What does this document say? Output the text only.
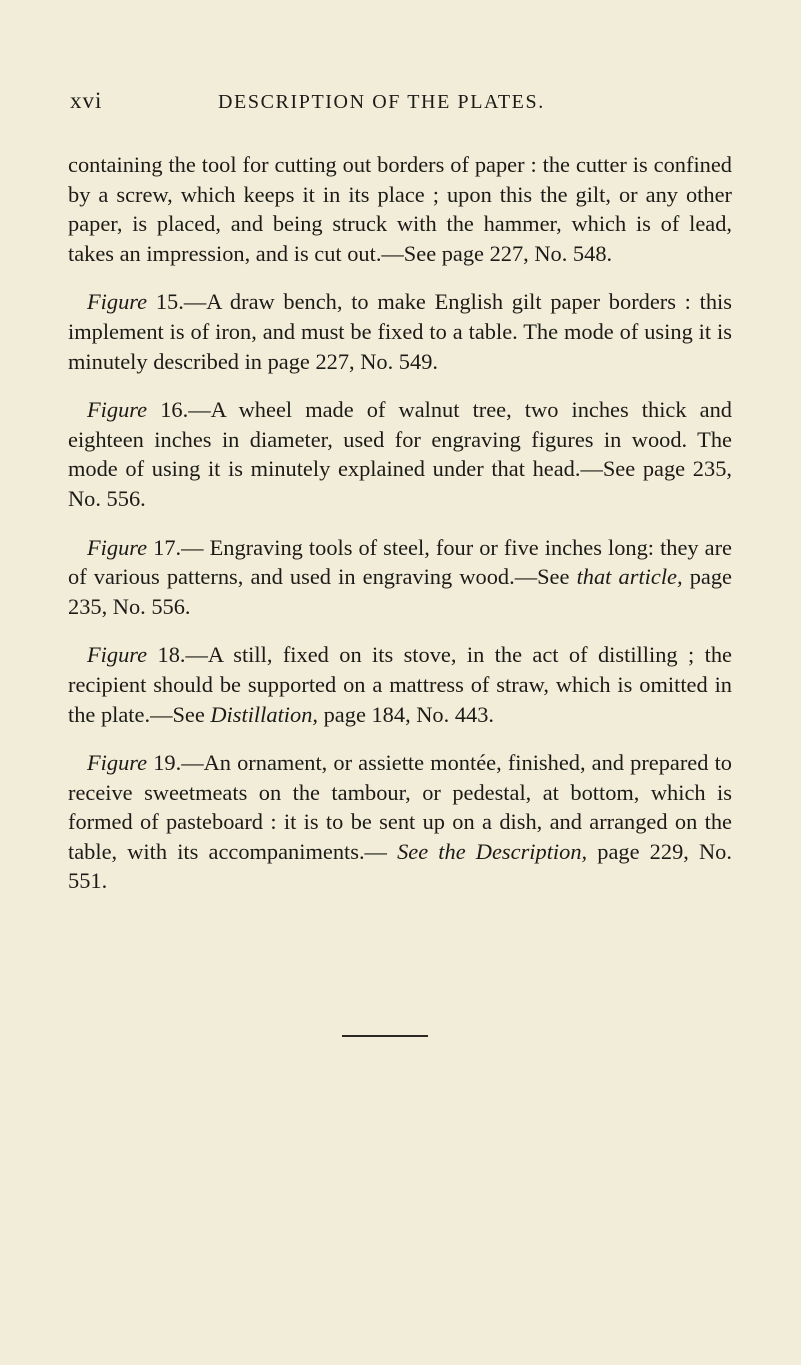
xvi	DESCRIPTION OF THE PLATES.

containing the tool for cutting out borders of paper : the cutter is confined by a screw, which keeps it in its place ; upon this the gilt, or any other paper, is placed, and being struck with the hammer, which is of lead, takes an impression, and is cut out.—See page 227, No. 548.

Figure 15.—A draw bench, to make English gilt paper borders : this implement is of iron, and must be fixed to a table. The mode of using it is minutely described in page 227, No. 549.

Figure 16.—A wheel made of walnut tree, two inches thick and eighteen inches in diameter, used for engraving figures in wood. The mode of using it is minutely explained under that head.—See page 235, No. 556.

Figure 17.— Engraving tools of steel, four or five inches long: they are of various patterns, and used in engraving wood.—See that article, page 235, No. 556.

Figure 18.—A still, fixed on its stove, in the act of distilling ; the recipient should be supported on a mattress of straw, which is omitted in the plate.—See Distillation, page 184, No. 443.

Figure 19.—An ornament, or assiette montée, finished, and prepared to receive sweetmeats on the tambour, or pedestal, at bottom, which is formed of pasteboard : it is to be sent up on a dish, and arranged on the table, with its accompaniments.— See the Description, page 229, No. 551.
